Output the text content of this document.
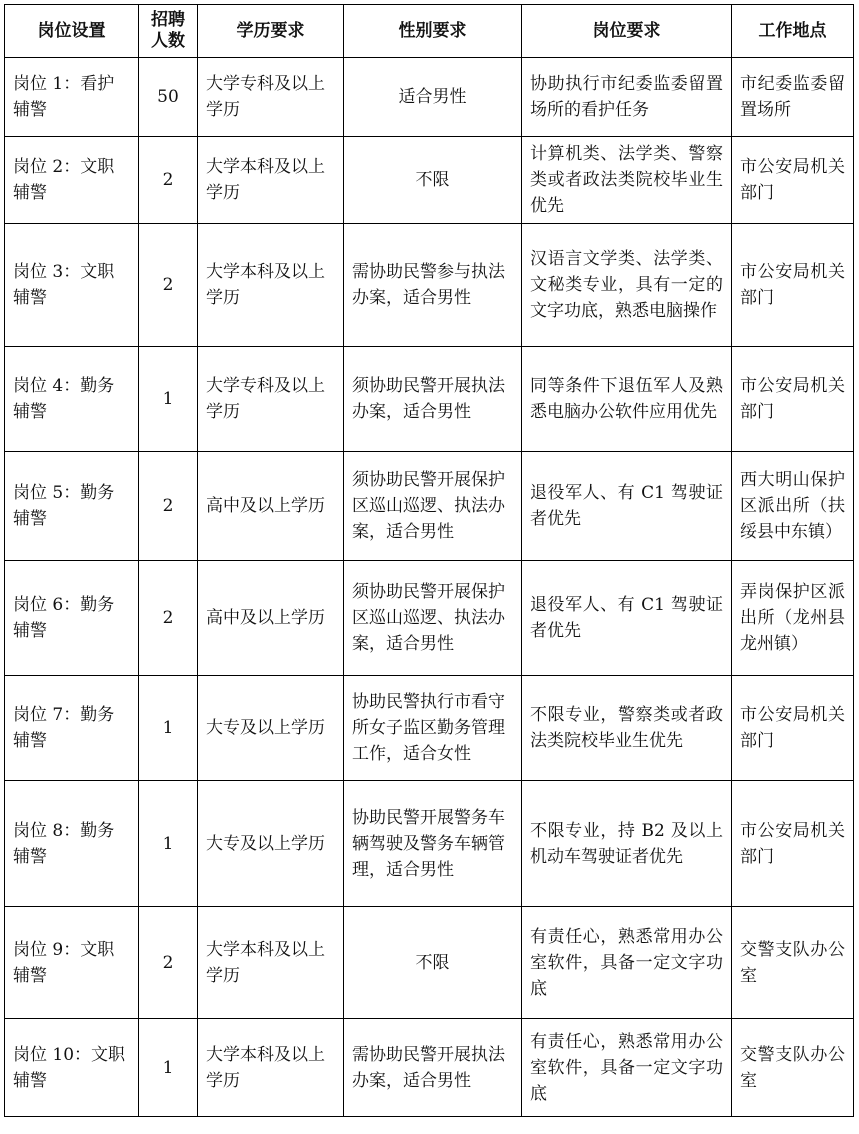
岗位设置	招聘人数	学历要求	性别要求	岗位要求	工作地点
岗位 1：看护辅警	50	大学专科及以上学历	适合男性	协助执行市纪委监委留置场所的看护任务	市纪委监委留置场所
岗位 2：文职辅警	2	大学本科及以上学历	不限	计算机类、法学类、警察类或者政法类院校毕业生优先	市公安局机关部门
岗位 3：文职辅警	2	大学本科及以上学历	需协助民警参与执法办案，适合男性	汉语言文学类、法学类、文秘类专业，具有一定的文字功底，熟悉电脑操作	市公安局机关部门
岗位 4：勤务辅警	1	大学专科及以上学历	须协助民警开展执法办案，适合男性	同等条件下退伍军人及熟悉电脑办公软件应用优先	市公安局机关部门
岗位 5：勤务辅警	2	高中及以上学历	须协助民警开展保护区巡山巡逻、执法办案，适合男性	退役军人、有 C1 驾驶证者优先	西大明山保护区派出所（扶绥县中东镇）
岗位 6：勤务辅警	2	高中及以上学历	须协助民警开展保护区巡山巡逻、执法办案，适合男性	退役军人、有 C1 驾驶证者优先	弄岗保护区派出所（龙州县龙州镇）
岗位 7：勤务辅警	1	大专及以上学历	协助民警执行市看守所女子监区勤务管理工作，适合女性	不限专业，警察类或者政法类院校毕业生优先	市公安局机关部门
岗位 8：勤务辅警	1	大专及以上学历	协助民警开展警务车辆驾驶及警务车辆管理，适合男性	不限专业，持 B2 及以上机动车驾驶证者优先	市公安局机关部门
岗位 9：文职辅警	2	大学本科及以上学历	不限	有责任心，熟悉常用办公室软件，具备一定文字功底	交警支队办公室
岗位 10：文职辅警	1	大学本科及以上学历	需协助民警开展执法办案，适合男性	有责任心，熟悉常用办公室软件，具备一定文字功底	交警支队办公室
